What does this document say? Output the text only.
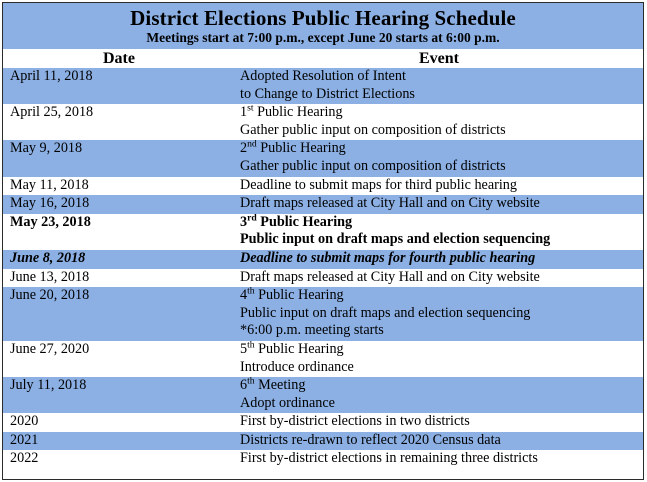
District Elections Public Hearing Schedule
Meetings start at 7:00 p.m., except June 20 starts at 6:00 p.m.
Date	Event
April 11, 2018	Adopted Resolution of Intent
to Change to District Elections

April 25, 2018	1st Public Hearing
Gather public input on composition of districts

May 9, 2018	2nd Public Hearing
Gather public input on composition of districts

May 11, 2018	Deadline to submit maps for third public hearing

May 16, 2018	Draft maps released at City Hall and on City website

May 23, 2018	3rd Public Hearing
Public input on draft maps and election sequencing

June 8, 2018	Deadline to submit maps for fourth public hearing

June 13, 2018	Draft maps released at City Hall and on City website

June 20, 2018	4th Public Hearing
Public input on draft maps and election sequencing
*6:00 p.m. meeting starts

June 27, 2020	5th Public Hearing
Introduce ordinance

July 11, 2018	6th Meeting
Adopt ordinance

2020	First by-district elections in two districts

2021	Districts re-drawn to reflect 2020 Census data

2022	First by-district elections in remaining three districts
